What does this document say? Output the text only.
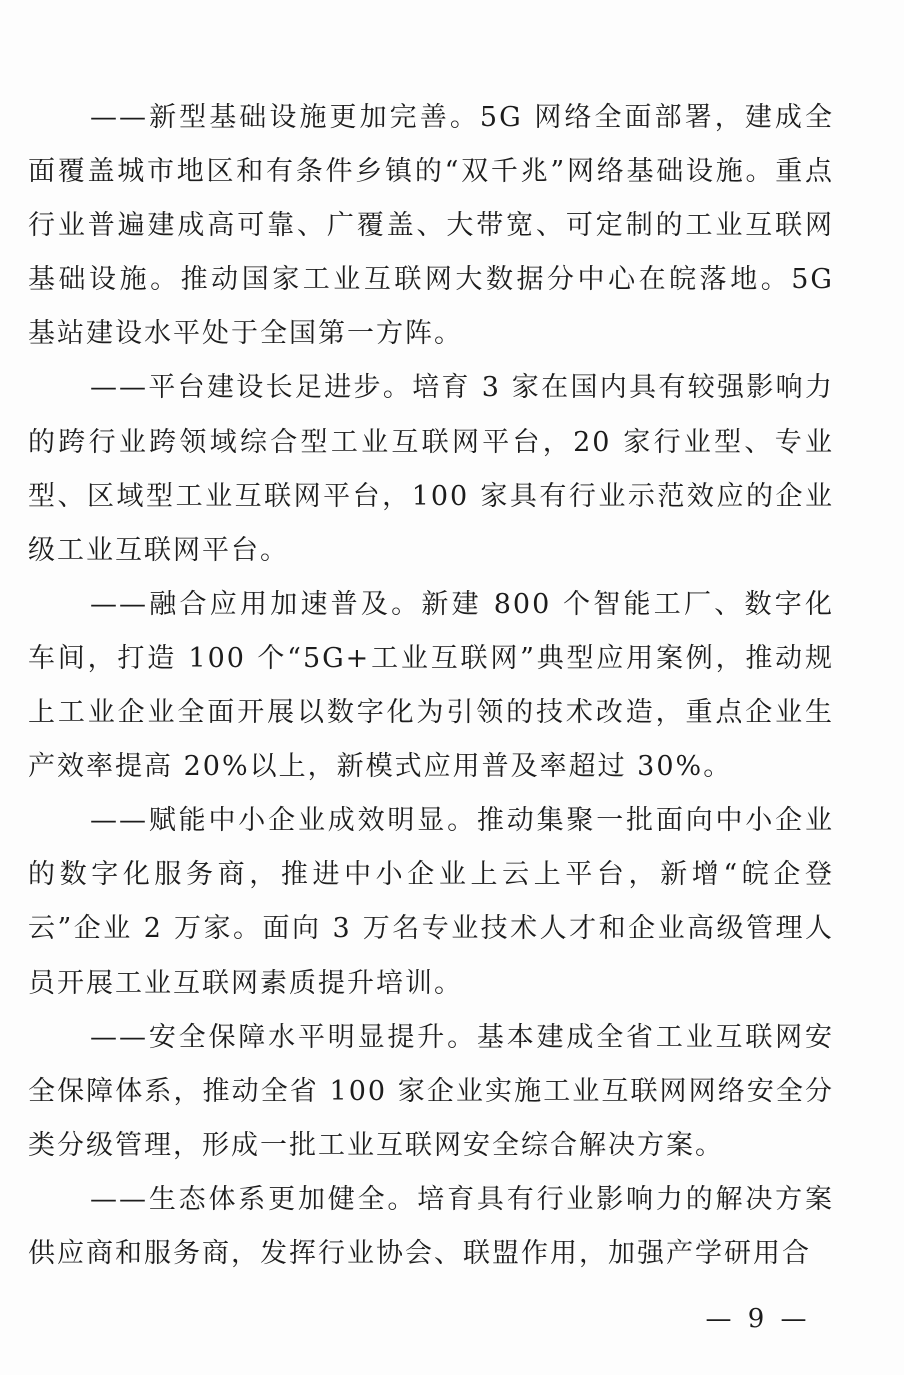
——新型基础设施更加完善。5G 网络全面部署，建成全面覆盖城市地区和有条件乡镇的“双千兆”网络基础设施。重点行业普遍建成高可靠、广覆盖、大带宽、可定制的工业互联网基础设施。推动国家工业互联网大数据分中心在皖落地。5G 基站建设水平处于全国第一方阵。

——平台建设长足进步。培育 3 家在国内具有较强影响力的跨行业跨领域综合型工业互联网平台，20 家行业型、专业型、区域型工业互联网平台，100 家具有行业示范效应的企业级工业互联网平台。

——融合应用加速普及。新建 800 个智能工厂、数字化车间，打造 100 个“5G+工业互联网”典型应用案例，推动规上工业企业全面开展以数字化为引领的技术改造，重点企业生产效率提高 20%以上，新模式应用普及率超过 30%。

——赋能中小企业成效明显。推动集聚一批面向中小企业的数字化服务商，推进中小企业上云上平台，新增“皖企登云”企业 2 万家。面向 3 万名专业技术人才和企业高级管理人员开展工业互联网素质提升培训。

——安全保障水平明显提升。基本建成全省工业互联网安全保障体系，推动全省 100 家企业实施工业互联网网络安全分类分级管理，形成一批工业互联网安全综合解决方案。

——生态体系更加健全。培育具有行业影响力的解决方案供应商和服务商，发挥行业协会、联盟作用，加强产学研用合

— 9 —
